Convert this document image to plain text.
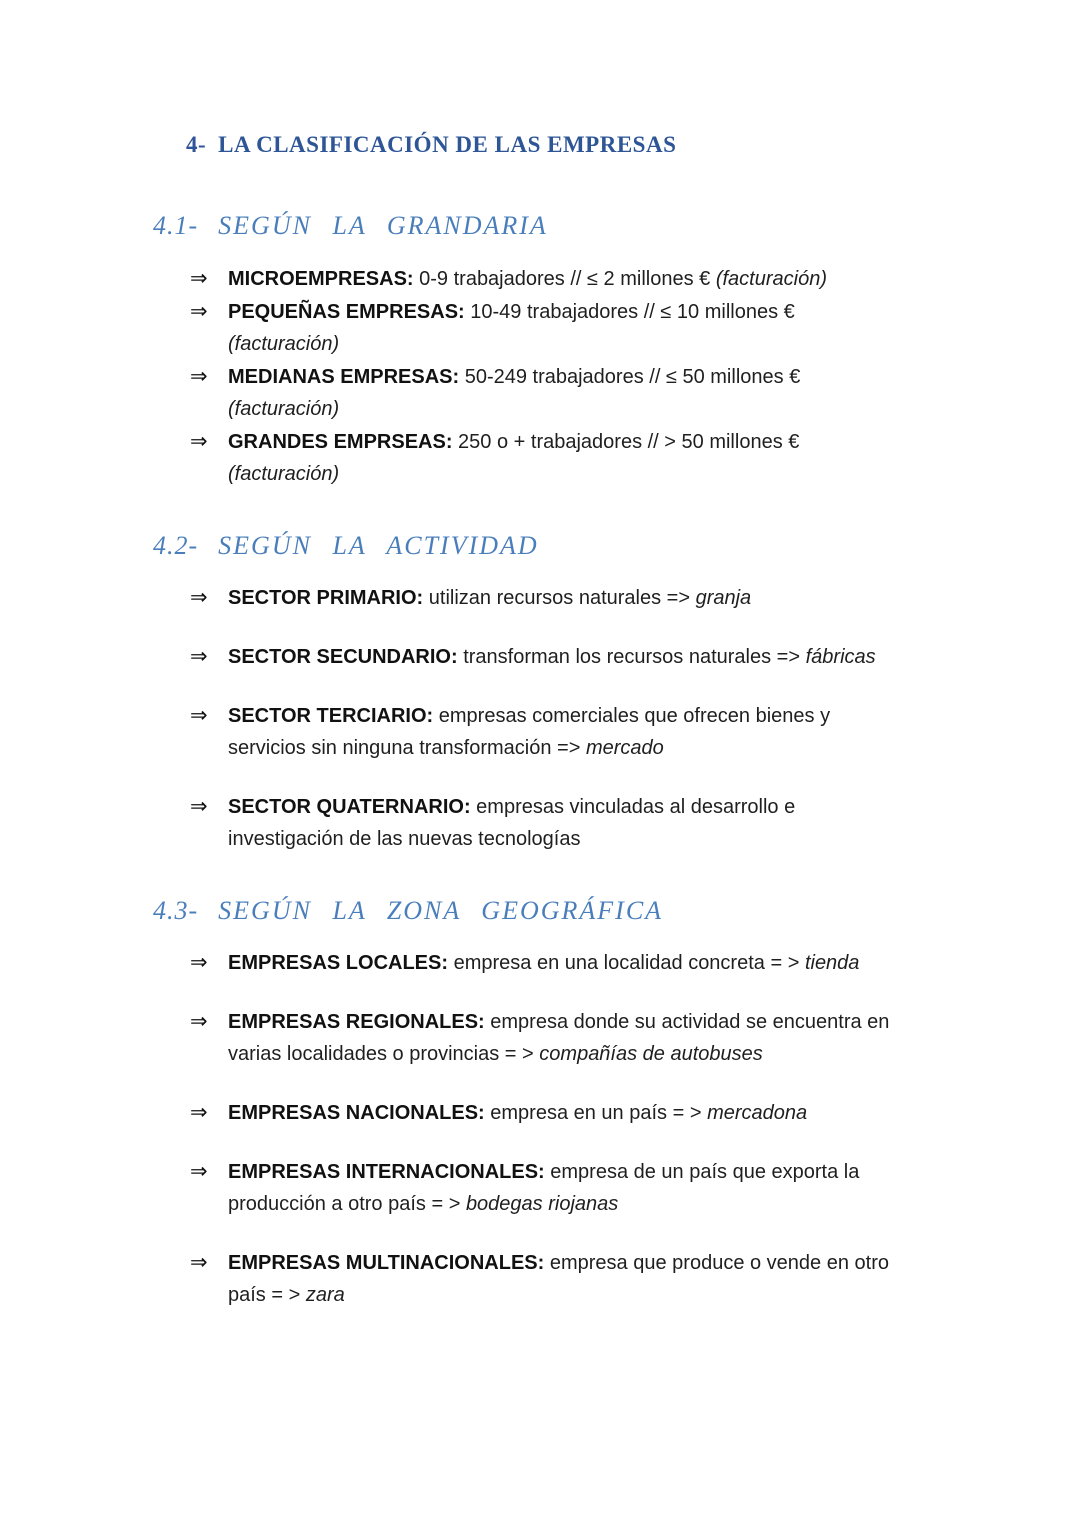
4- LA CLASIFICACIÓN DE LAS EMPRESAS
4.1- SEGÚN LA GRANDARIA
⇒	MICROEMPRESAS: 0-9 trabajadores // ≤ 2 millones € (facturación)
⇒	PEQUEÑAS EMPRESAS: 10-49 trabajadores // ≤ 10 millones € (facturación)
⇒	MEDIANAS EMPRESAS: 50-249 trabajadores // ≤ 50 millones € (facturación)
⇒	GRANDES EMPRSEAS: 250 o + trabajadores // > 50 millones € (facturación)
4.2- SEGÚN LA ACTIVIDAD
⇒	SECTOR PRIMARIO: utilizan recursos naturales => granja
⇒	SECTOR SECUNDARIO: transforman los recursos naturales => fábricas
⇒	SECTOR TERCIARIO: empresas comerciales que ofrecen bienes y servicios sin ninguna transformación => mercado
⇒	SECTOR QUATERNARIO: empresas vinculadas al desarrollo e investigación de las nuevas tecnologías
4.3- SEGÚN LA ZONA GEOGRÁFICA
⇒	EMPRESAS LOCALES: empresa en una localidad concreta = > tienda
⇒	EMPRESAS REGIONALES: empresa donde su actividad se encuentra en varias localidades o provincias = > compañías de autobuses
⇒	EMPRESAS NACIONALES: empresa en un país = > mercadona
⇒	EMPRESAS INTERNACIONALES: empresa de un país que exporta la producción a otro país = > bodegas riojanas
⇒	EMPRESAS MULTINACIONALES: empresa que produce o vende en otro país = > zara
